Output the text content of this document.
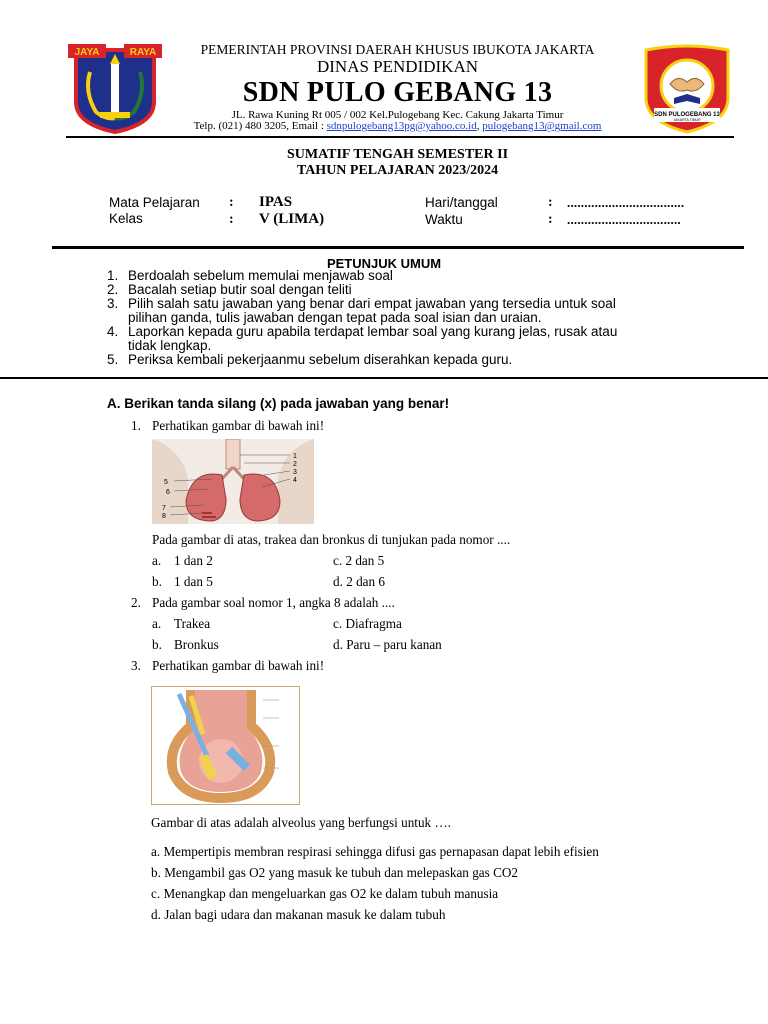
JAYA	RAYA
SDN PULOGEBANG 13
JAKARTA TIMUR
PEMERINTAH PROVINSI DAERAH KHUSUS IBUKOTA JAKARTA
DINAS PENDIDIKAN
SDN PULO GEBANG 13
JL. Rawa Kuning Rt 005 / 002 Kel.Pulogebang Kec. Cakung Jakarta Timur
Telp. (021) 480 3205, Email : sdnpulogebang13pg@yahoo.co.id, pulogebang13@gmail.com
SUMATIF TENGAH SEMESTER II
TAHUN PELAJARAN 2023/2024
Mata Pelajaran : IPAS	Hari/tanggal	: ..................................
Kelas	: V (LIMA)	Waktu	: .................................
PETUNJUK UMUM
1. Berdoalah sebelum memulai menjawab soal
2. Bacalah setiap butir soal dengan teliti
3. Pilih salah satu jawaban yang benar dari empat jawaban yang tersedia untuk soal
pilihan ganda, tulis jawaban dengan tepat pada soal isian dan uraian.
4. Laporkan kepada guru apabila terdapat lembar soal yang kurang jelas, rusak atau
tidak lengkap.
5. Periksa kembali pekerjaanmu sebelum diserahkan kepada guru.
A. Berikan tanda silang (x) pada jawaban yang benar!
1. Perhatikan gambar di bawah ini!
1
2
3
4
5
6
7
8
Pada gambar di atas, trakea dan bronkus di tunjukan pada nomor ....
a. 1 dan 2	c. 2 dan 5
b. 1 dan 5	d. 2 dan 6
2. Pada gambar soal nomor 1, angka 8 adalah ....
a. Trakea	c. Diafragma
b. Bronkus	d. Paru – paru kanan
3. Perhatikan gambar di bawah ini!
Gambar di atas adalah alveolus yang berfungsi untuk ….
a. Mempertipis membran respirasi sehingga difusi gas pernapasan dapat lebih efisien
b. Mengambil gas O2 yang masuk ke tubuh dan melepaskan gas CO2
c. Menangkap dan mengeluarkan gas O2 ke dalam tubuh manusia
d. Jalan bagi udara dan makanan masuk ke dalam tubuh
